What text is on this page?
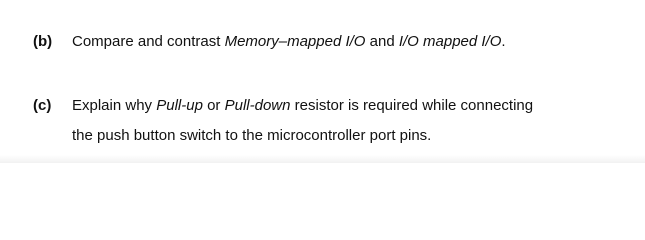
(b) Compare and contrast Memory–mapped I/O and I/O mapped I/O.
(c) Explain why Pull-up or Pull-down resistor is required while connecting
the push button switch to the microcontroller port pins.
